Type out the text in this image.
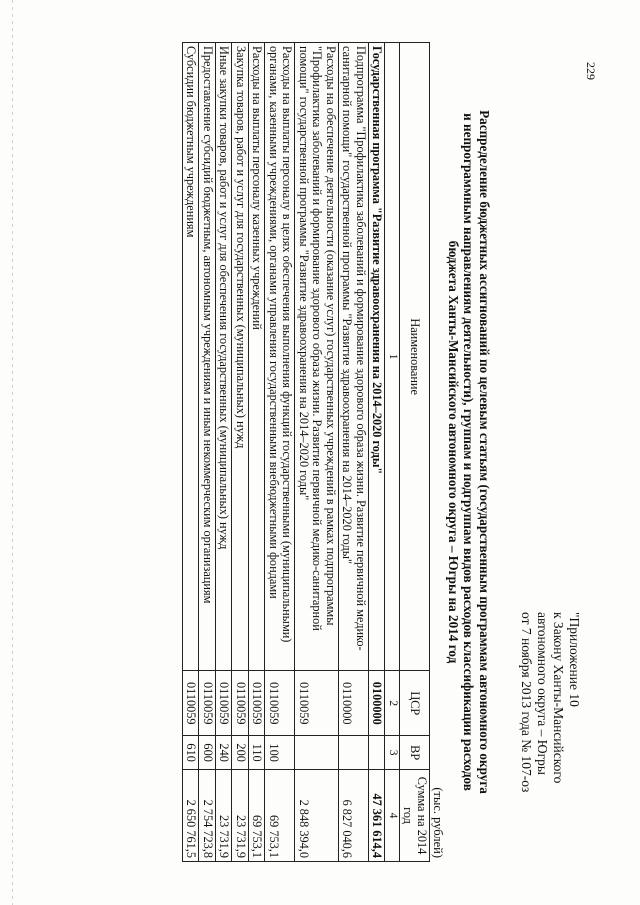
229
"Приложение 10
к Закону Ханты-Мансийского
автономного округа – Югры
от 7 ноября 2013 года № 107-оз
Распределение бюджетных ассигнований по целевым статьям (государственным программам автономного округа
и непрограммным направлениям деятельности), группам и подгруппам видов расходов классификации расходов
бюджета Ханты-Мансийского автономного округа – Югры на 2014 год
(тыс. рублей)
Наименование	ЦСР	ВР	Сумма на 2014 год
1	2	3	4
Государственная программа "Развитие здравоохранения на 2014–2020 годы"	0100000		47 361 614,4
Подпрограмма "Профилактика заболеваний и формирование здорового образа жизни. Развитие первичной медико-санитарной помощи" государственной программы "Развитие здравоохранения на 2014–2020 годы"	0110000		6 827 040,6
Расходы на обеспечение деятельности (оказание услуг) государственных учреждений в рамках подпрограммы "Профилактика заболеваний и формирование здорового образа жизни. Развитие первичной медико-санитарной помощи" государственной программы "Развитие здравоохранения на 2014–2020 годы"	0110059		2 848 394,0
Расходы на выплаты персоналу в целях обеспечения выполнения функций государственными (муниципальными) органами, казенными учреждениями, органами управления государственными внебюджетными фондами	0110059	100	69 753,1
Расходы на выплаты персоналу казенных учреждений	0110059	110	69 753,1
Закупка товаров, работ и услуг для государственных (муниципальных) нужд	0110059	200	23 731,9
Иные закупки товаров, работ и услуг для обеспечения государственных (муниципальных) нужд	0110059	240	23 731,9
Предоставление субсидий бюджетным, автономным учреждениям и иным некоммерческим организациям	0110059	600	2 754 723,8
Субсидии бюджетным учреждениям	0110059	610	2 650 761,5
